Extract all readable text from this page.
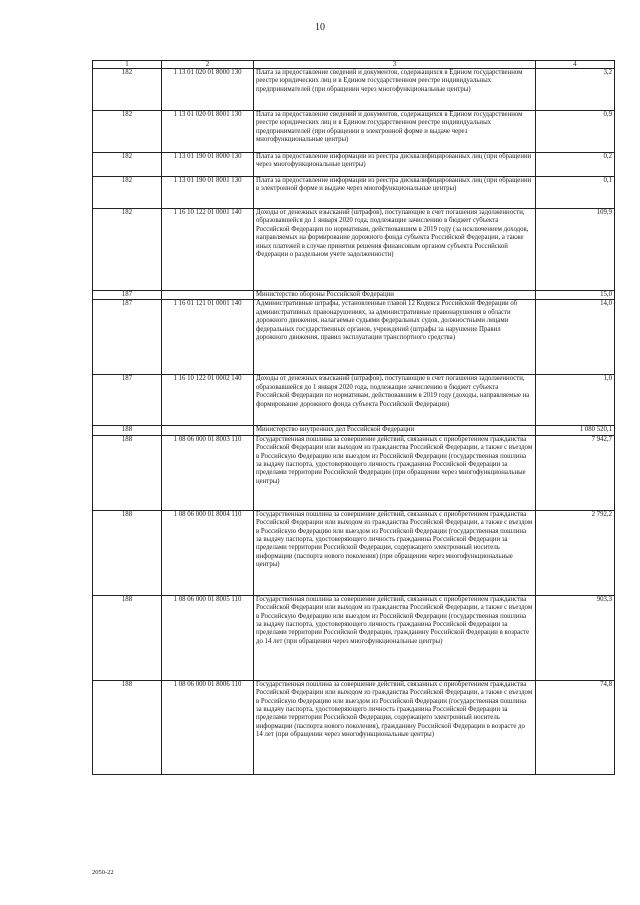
10
1	2	3	4
182	1 13 01 020 01 8000 130	Плата за предоставление сведений и документов, содержащихся в Едином государственном реестре юридических лиц и в Едином государственном реестре индивидуальных предпринимателей (при обращении через многофункциональные центры)	3,2
182	1 13 01 020 01 8001 130	Плата за предоставление сведений и документов, содержащихся в Едином государственном реестре юридических лиц и в Едином государственном реестре индивидуальных предпринимателей (при обращении в электронной форме и выдаче через многофункциональные центры)	0,9
182	1 13 01 190 01 8000 130	Плата за предоставление информации из реестра дисквалифицированных лиц (при обращении через многофункциональные центры)	0,2
182	1 13 01 190 01 8001 130	Плата за предоставление информации из реестра дисквалифицированных лиц (при обращении в электронной форме и выдаче через многофункциональные центры)	0,1
182	1 16 10 122 01 0001 140	Доходы от денежных взысканий (штрафов), поступающие в счет погашения задолженности, образовавшейся до 1 января 2020 года, подлежащие зачислению в бюджет субъекта Российской Федерации по нормативам, действовавшим в 2019 году (за исключением доходов, направляемых на формирование дорожного фонда субъекта Российской Федерации, а также иных платежей в случае принятия решения финансовым органом субъекта Российской Федерации о раздельном учете задолженности)	109,9
187		Министерство обороны Российской Федерации	15,0
187	1 16 01 121 01 0001 140	Административные штрафы, установленные главой 12 Кодекса Российской Федерации об административных правонарушениях, за административные правонарушения в области дорожного движения, налагаемые судьями федеральных судов, должностными лицами федеральных государственных органов, учреждений (штрафы за нарушение Правил дорожного движения, правил эксплуатации транспортного средства)	14,0
187	1 16 10 122 01 0002 140	Доходы от денежных взысканий (штрафов), поступающие в счет погашения задолженности, образовавшейся до 1 января 2020 года, подлежащие зачислению в бюджет субъекта Российской Федерации по нормативам, действовавшим в 2019 году (доходы, направляемые на формирование дорожного фонда субъекта Российской Федерации)	1,0
188		Министерство внутренних дел Российской Федерации	1 080 520,1
188	1 08 06 000 01 8003 110	Государственная пошлина за совершение действий, связанных с приобретением гражданства Российской Федерации или выходом из гражданства Российской Федерации, а также с въездом в Российскую Федерацию или выездом из Российской Федерации (государственная пошлина за выдачу паспорта, удостоверяющего личность гражданина Российской Федерации за пределами территории Российской Федерации (при обращении через многофункциональные центры)	7 942,7
188	1 08 06 000 01 8004 110	Государственная пошлина за совершение действий, связанных с приобретением гражданства Российской Федерации или выходом из гражданства Российской Федерации, а также с въездом в Российскую Федерацию или выездом из Российской Федерации (государственная пошлина за выдачу паспорта, удостоверяющего личность гражданина Российской Федерации за пределами территории Российской Федерации, содержащего электронный носитель информации (паспорта нового поколения) (при обращении через многофункциональные центры)	2 792,2
188	1 08 06 000 01 8005 110	Государственная пошлина за совершение действий, связанных с приобретением гражданства Российской Федерации или выходом из гражданства Российской Федерации, а также с въездом в Российскую Федерацию или выездом из Российской Федерации (государственная пошлина за выдачу паспорта, удостоверяющего личность гражданина Российской Федерации за пределами территории Российской Федерации, гражданину Российской Федерации в возрасте до 14 лет (при обращении через многофункциональные центры)	903,3
188	1 08 06 000 01 8006 110	Государственная пошлина за совершение действий, связанных с приобретением гражданства Российской Федерации или выходом из гражданства Российской Федерации, а также с въездом в Российскую Федерацию или выездом из Российской Федерации (государственная пошлина за выдачу паспорта, удостоверяющего личность гражданина Российской Федерации за пределами территории Российской Федерации, содержащего электронный носитель информации (паспорта нового поколения), гражданину Российской Федерации в возрасте до 14 лет (при обращении через многофункциональные центры)	74,8
2050-22
